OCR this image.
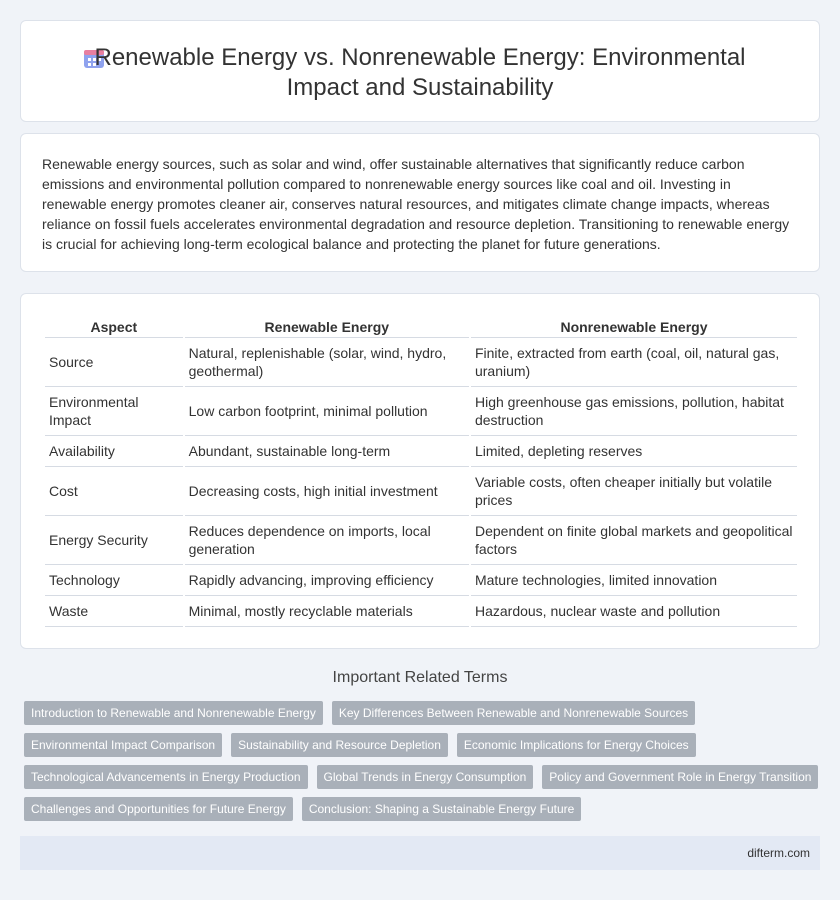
Renewable Energy vs. Nonrenewable Energy: Environmental Impact and Sustainability

Renewable energy sources, such as solar and wind, offer sustainable alternatives that significantly reduce carbon emissions and environmental pollution compared to nonrenewable energy sources like coal and oil. Investing in renewable energy promotes cleaner air, conserves natural resources, and mitigates climate change impacts, whereas reliance on fossil fuels accelerates environmental degradation and resource depletion. Transitioning to renewable energy is crucial for achieving long-term ecological balance and protecting the planet for future generations.

Aspect	Renewable Energy	Nonrenewable Energy
Source	Natural, replenishable (solar, wind, hydro, geothermal)	Finite, extracted from earth (coal, oil, natural gas, uranium)
Environmental Impact	Low carbon footprint, minimal pollution	High greenhouse gas emissions, pollution, habitat destruction
Availability	Abundant, sustainable long-term	Limited, depleting reserves
Cost	Decreasing costs, high initial investment	Variable costs, often cheaper initially but volatile prices
Energy Security	Reduces dependence on imports, local generation	Dependent on finite global markets and geopolitical factors
Technology	Rapidly advancing, improving efficiency	Mature technologies, limited innovation
Waste	Minimal, mostly recyclable materials	Hazardous, nuclear waste and pollution
Important Related Terms
Introduction to Renewable and Nonrenewable Energy	Key Differences Between Renewable and Nonrenewable Sources
Environmental Impact Comparison	Sustainability and Resource Depletion	Economic Implications for Energy Choices
Technological Advancements in Energy Production	Global Trends in Energy Consumption	Policy and Government Role in Energy Transition
Challenges and Opportunities for Future Energy	Conclusion: Shaping a Sustainable Energy Future
difterm.com
